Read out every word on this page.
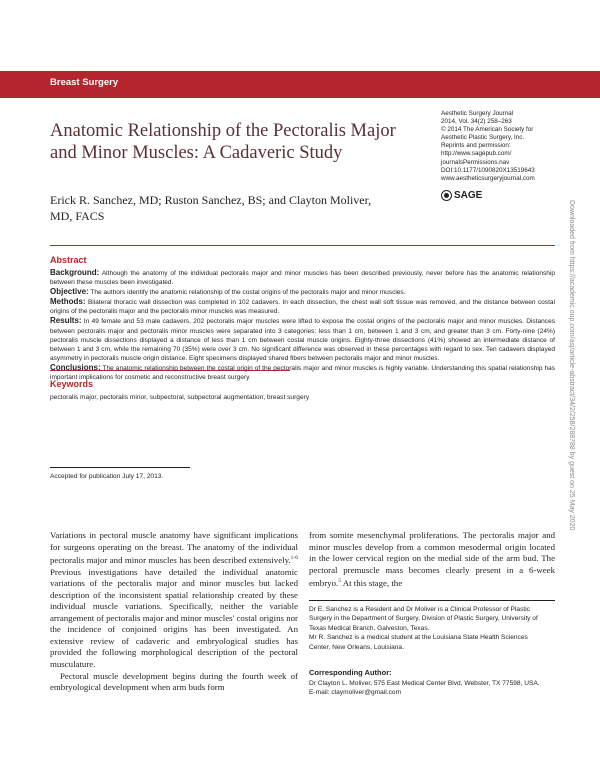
Breast Surgery
Anatomic Relationship of the Pectoralis Major and Minor Muscles: A Cadaveric Study
Aesthetic Surgery Journal
2014, Vol. 34(2) 258–263
© 2014 The American Society for
Aesthetic Plastic Surgery, Inc.
Reprints and permission:
http://www.sagepub.com/
journalsPermissions.nav
DOI:10.1177/1090820X13519643
www.aestheticsurgeryjournal.com
SAGE
Erick R. Sanchez, MD; Ruston Sanchez, BS; and Clayton Moliver, MD, FACS
Abstract

Background: Although the anatomy of the individual pectoralis major and minor muscles has been described previously, never before has the anatomic relationship between these muscles been investigated.

Objective: The authors identify the anatomic relationship of the costal origins of the pectoralis major and minor muscles.

Methods: Bilateral thoracic wall dissection was completed in 102 cadavers. In each dissection, the chest wall soft tissue was removed, and the distance between costal origins of the pectoralis major and the pectoralis minor muscles was measured.

Results: In 49 female and 53 male cadavers, 202 pectoralis major muscles were lifted to expose the costal origins of the pectoralis major and minor muscles. Distances between pectoralis major and pectoralis minor muscles were separated into 3 categories: less than 1 cm, between 1 and 3 cm, and greater than 3 cm. Forty-nine (24%) pectoralis muscle dissections displayed a distance of less than 1 cm between costal muscle origins. Eighty-three dissections (41%) showed an intermediate distance of between 1 and 3 cm, while the remaining 70 (35%) were over 3 cm. No significant difference was observed in these percentages with regard to sex. Ten cadavers displayed asymmetry in pectoralis muscle origin distance. Eight specimens displayed shared fibers between pectoralis major and minor muscles.

Conclusions: The anatomic relationship between the costal origin of the pectoralis major and minor muscles is highly variable. Understanding this spatial relationship has important implications for cosmetic and reconstructive breast surgery.

Keywords
pectoralis major, pectoralis minor, subpectoral, subpectoral augmentation, breast surgery
Accepted for publication July 17, 2013.

Variations in pectoral muscle anatomy have significant implications for surgeons operating on the breast. The anatomy of the individual pectoralis major and minor muscles has been described extensively.$^{1-6}$ Previous investigations have detailed the individual anatomic variations of the pectoralis major and minor muscles but lacked description of the inconsistent spatial relationship created by these individual muscle variations. Specifically, neither the variable arrangement of pectoralis major and minor muscles' costal origins nor the incidence of conjoined origins has been investigated. An extensive review of cadaveric and embryological studies has provided the following morphological description of the pectoral musculature.

Pectoral muscle development begins during the fourth week of embryological development when arm buds form

from somite mesenchymal proliferations. The pectoralis major and minor muscles develop from a common mesodermal origin located in the lower cervical region on the medial side of the arm bud. The pectoral premuscle mass becomes clearly present in a 6-week embryo.$^5$ At this stage, the

Dr E. Sanchez is a Resident and Dr Moliver is a Clinical Professor of Plastic Surgery in the Department of Surgery, Division of Plastic Surgery, University of Texas Medical Branch, Galveston, Texas.

Mr R. Sanchez is a medical student at the Louisiana State Health Sciences Center, New Orleans, Louisiana.

Corresponding Author:
Dr Clayton L. Moliver, 575 East Medical Center Blvd, Webster, TX 77598, USA.
E-mail: claymoliver@gmail.com
Downloaded from https://academic.oup.com/asj/article-abstract/34/2/258/288788 by guest on 25 May 2020
